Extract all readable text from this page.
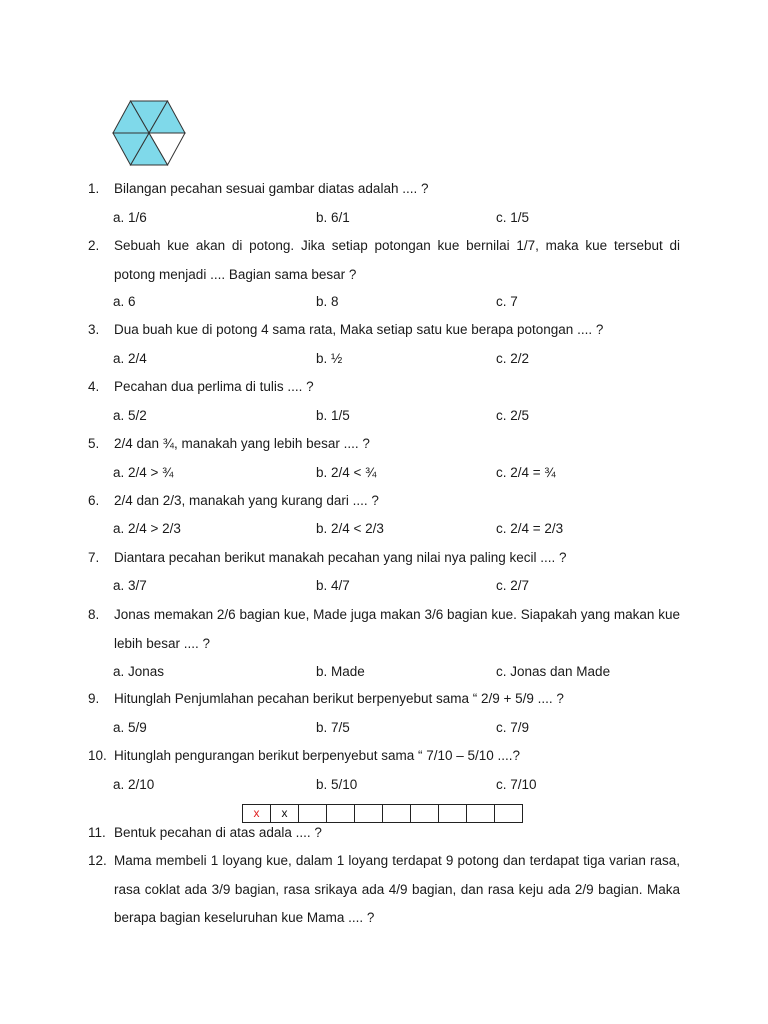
1.	Bilangan pecahan sesuai gambar diatas adalah .... ?
a. 1/6	b. 6/1	c. 1/5
2.	Sebuah kue akan di potong. Jika setiap potongan kue bernilai 1/7, maka kue tersebut di potong menjadi .... Bagian sama besar ?
a. 6	b. 8	c. 7
3.	Dua buah kue di potong 4 sama rata, Maka setiap satu kue berapa potongan .... ?
a. 2/4	b. ½	c. 2/2
4.	Pecahan dua perlima di tulis .... ?
a. 5/2	b. 1/5	c. 2/5
5.	2/4 dan ¾, manakah yang lebih besar .... ?
a. 2/4 > ¾	b. 2/4 < ¾	c. 2/4 = ¾
6.	2/4 dan 2/3, manakah yang kurang dari .... ?
a. 2/4 > 2/3	b. 2/4 < 2/3	c. 2/4 = 2/3
7.	Diantara pecahan berikut manakah pecahan yang nilai nya paling kecil .... ?
a. 3/7	b. 4/7	c. 2/7
8.	Jonas memakan 2/6 bagian kue, Made juga makan 3/6 bagian kue. Siapakah yang makan kue lebih besar .... ?
a. Jonas	b. Made	c. Jonas dan Made
9.	Hitunglah Penjumlahan pecahan berikut berpenyebut sama “ 2/9 + 5/9 .... ?
a. 5/9	b. 7/5	c. 7/9
10. Hitunglah pengurangan berikut berpenyebut sama “ 7/10 – 5/10 ....?
a. 2/10	b. 5/10	c. 7/10
x	x
11. Bentuk pecahan di atas adala .... ?
12. Mama membeli 1 loyang kue, dalam 1 loyang terdapat 9 potong dan terdapat tiga varian rasa, rasa coklat ada 3/9 bagian, rasa srikaya ada 4/9 bagian, dan rasa keju ada 2/9 bagian. Maka berapa bagian keseluruhan kue Mama .... ?
